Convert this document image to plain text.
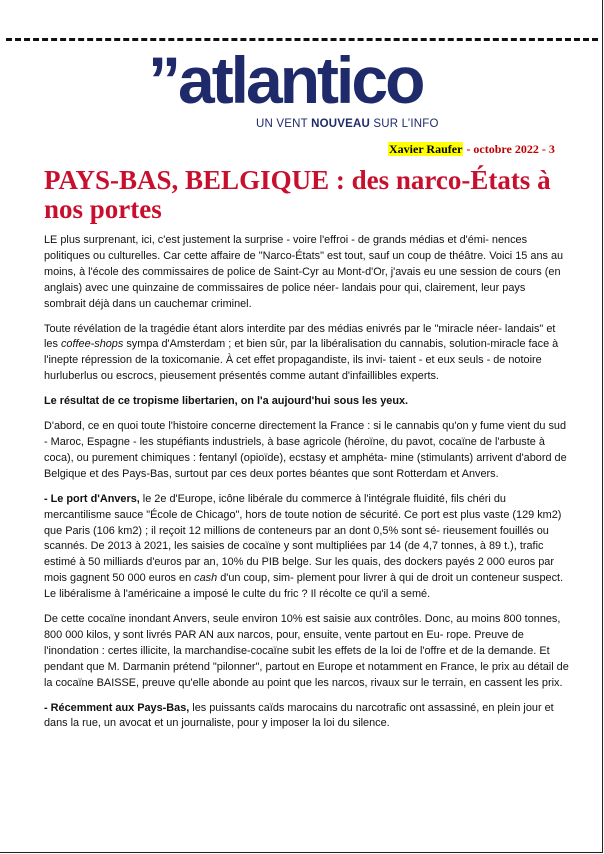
”atlantico
UN VENT NOUVEAU SUR L’INFO
Xavier Raufer - octobre 2022 - 3
PAYS-BAS, BELGIQUE : des narco-États à nos portes

LE plus surprenant, ici, c'est justement la surprise - voire l'effroi - de grands médias et d'émi- nences politiques ou culturelles. Car cette affaire de "Narco-États" est tout, sauf un coup de théâtre. Voici 15 ans au moins, à l'école des commissaires de police de Saint-Cyr au Mont-d'Or, j'avais eu une session de cours (en anglais) avec une quinzaine de commissaires de police néer- landais pour qui, clairement, leur pays sombrait déjà dans un cauchemar criminel.

Toute révélation de la tragédie étant alors interdite par des médias enivrés par le "miracle néer- landais" et les coffee-shops sympa d'Amsterdam ; et bien sûr, par la libéralisation du cannabis, solution-miracle face à l'inepte répression de la toxicomanie. À cet effet propagandiste, ils invi- taient - et eux seuls - de notoire hurluberlus ou escrocs, pieusement présentés comme autant d'infaillibles experts.

Le résultat de ce tropisme libertarien, on l'a aujourd'hui sous les yeux.

D'abord, ce en quoi toute l'histoire concerne directement la France : si le cannabis qu'on y fume vient du sud - Maroc, Espagne - les stupéfiants industriels, à base agricole (héroïne, du pavot, cocaïne de l'arbuste à coca), ou purement chimiques : fentanyl (opioïde), ecstasy et amphéta- mine (stimulants) arrivent d'abord de Belgique et des Pays-Bas, surtout par ces deux portes béantes que sont Rotterdam et Anvers.

- Le port d'Anvers, le 2e d'Europe, icône libérale du commerce à l'intégrale fluidité, fils chéri du mercantilisme sauce "École de Chicago", hors de toute notion de sécurité. Ce port est plus vaste (129 km2) que Paris (106 km2) ; il reçoit 12 millions de conteneurs par an dont 0,5% sont sé- rieusement fouillés ou scannés. De 2013 à 2021, les saisies de cocaïne y sont multipliées par 14 (de 4,7 tonnes, à 89 t.), trafic estimé à 50 milliards d'euros par an, 10% du PIB belge. Sur les quais, des dockers payés 2 000 euros par mois gagnent 50 000 euros en cash d'un coup, sim- plement pour livrer à qui de droit un conteneur suspect. Le libéralisme à l'américaine a imposé le culte du fric ? Il récolte ce qu'il a semé.

De cette cocaïne inondant Anvers, seule environ 10% est saisie aux contrôles. Donc, au moins 800 tonnes, 800 000 kilos, y sont livrés PAR AN aux narcos, pour, ensuite, vente partout en Eu- rope. Preuve de l'inondation : certes illicite, la marchandise-cocaïne subit les effets de la loi de l'offre et de la demande. Et pendant que M. Darmanin prétend "pilonner", partout en Europe et notamment en France, le prix au détail de la cocaïne BAISSE, preuve qu'elle abonde au point que les narcos, rivaux sur le terrain, en cassent les prix.

- Récemment aux Pays-Bas, les puissants caïds marocains du narcotrafic ont assassiné, en plein jour et dans la rue, un avocat et un journaliste, pour y imposer la loi du silence.
